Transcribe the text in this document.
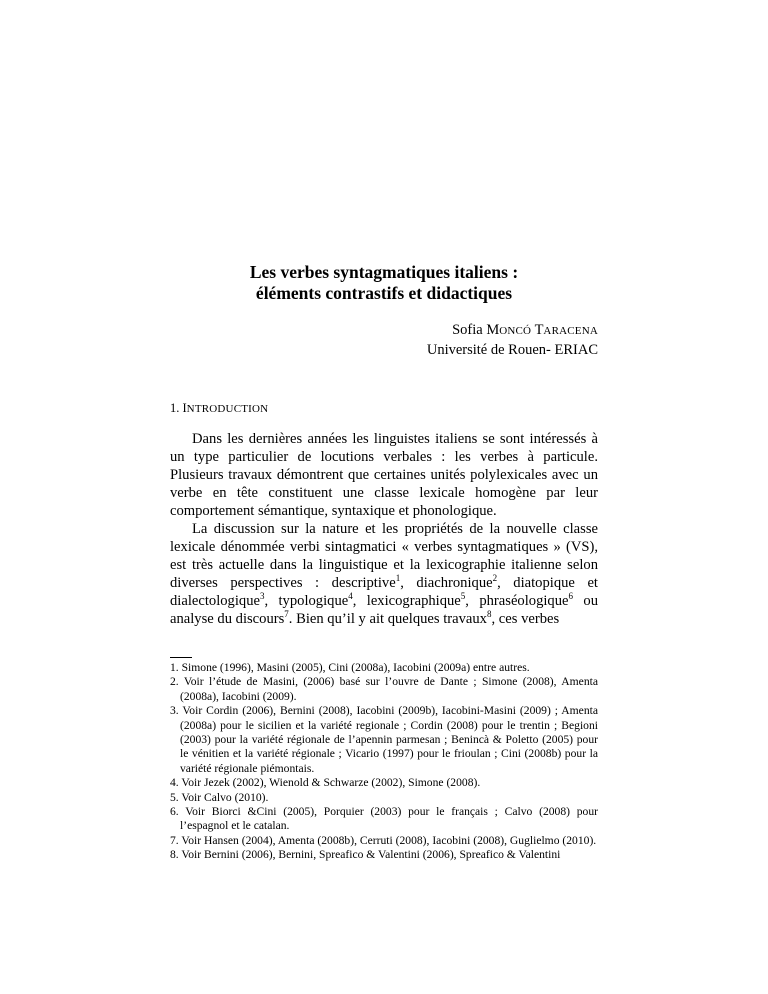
Les verbes syntagmatiques italiens :
éléments contrastifs et didactiques
Sofia MONCÓ TARACENA
Université de Rouen- ERIAC
1. INTRODUCTION

Dans les dernières années les linguistes italiens se sont intéressés à un type particulier de locutions verbales : les verbes à particule. Plusieurs travaux démontrent que certaines unités polylexicales avec un verbe en tête constituent une classe lexicale homogène par leur comportement sémantique, syntaxique et phonologique.

La discussion sur la nature et les propriétés de la nouvelle classe lexicale dénommée verbi sintagmatici « verbes syntagmatiques » (VS), est très actuelle dans la linguistique et la lexicographie italienne selon diverses perspectives : descriptive$^1$, diachronique$^2$, diatopique et dialectologique$^3$, typologique$^4$, lexicographique$^5$, phraséologique$^6$ ou analyse du discours$^7$. Bien qu’il y ait quelques travaux$^8$, ces verbes

1. Simone (1996), Masini (2005), Cini (2008a), Iacobini (2009a) entre autres.

2. Voir l’étude de Masini, (2006) basé sur l’ouvre de Dante ; Simone (2008), Amenta (2008a), Iacobini (2009).

3. Voir Cordin (2006), Bernini (2008), Iacobini (2009b), Iacobini-Masini (2009) ; Amenta (2008a) pour le sicilien et la variété regionale ; Cordin (2008) pour le trentin ; Begioni (2003) pour la variété régionale de l’apennin parmesan ; Benincà & Poletto (2005) pour le vénitien et la variété régionale ; Vicario (1997) pour le frioulan ; Cini (2008b) pour la variété régionale piémontais.

4. Voir Jezek (2002), Wienold & Schwarze (2002), Simone (2008).

5. Voir Calvo (2010).

6. Voir Biorci &Cini (2005), Porquier (2003) pour le français ; Calvo (2008) pour l’espagnol et le catalan.

7. Voir Hansen (2004), Amenta (2008b), Cerruti (2008), Iacobini (2008), Guglielmo (2010).

8. Voir Bernini (2006), Bernini, Spreafico & Valentini (2006), Spreafico & Valentini
